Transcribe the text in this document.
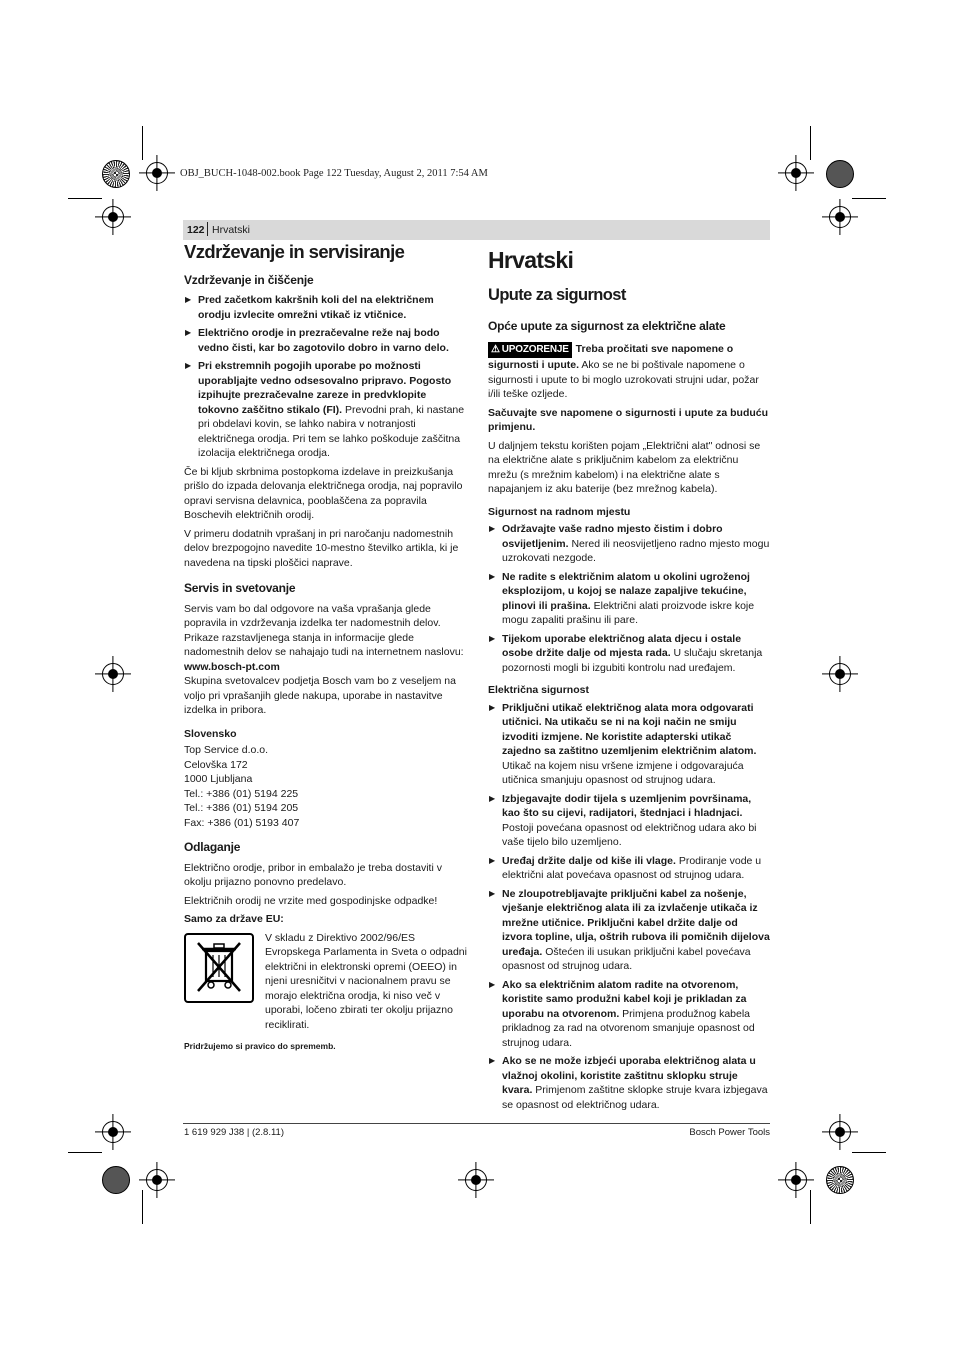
OBJ_BUCH-1048-002.book Page 122 Tuesday, August 2, 2011 7:54 AM
122 Hrvatski
Vzdrževanje in servisiranje
Vzdrževanje in čiščenje
▶ Pred začetkom kakršnih koli del na električnem orodju izvlecite omrežni vtikač iz vtičnice.
▶ Električno orodje in prezračevalne reže naj bodo vedno čisti, kar bo zagotovilo dobro in varno delo.
▶ Pri ekstremnih pogojih uporabe po možnosti uporabljajte vedno odsesovalno pripravo. Pogosto izpihujte prezračevalne zareze in predvklopite tokovno zaščitno stikalo (FI). Prevodni prah, ki nastane pri obdelavi kovin, se lahko nabira v notranjosti električnega orodja. Pri tem se lahko poškoduje zaščitna izolacija električnega orodja.

Če bi kljub skrbnima postopkoma izdelave in preizkušanja prišlo do izpada delovanja električnega orodja, naj popravilo opravi servisna delavnica, pooblaščena za popravila Boschevih električnih orodij.

V primeru dodatnih vprašanj in pri naročanju nadomestnih delov brezpogojno navedite 10-mestno številko artikla, ki je navedena na tipski ploščici naprave.

Servis in svetovanje

Servis vam bo dal odgovore na vaša vprašanja glede popravila in vzdrževanja izdelka ter nadomestnih delov. Prikaze razstavljenega stanja in informacije glede nadomestnih delov se nahajajo tudi na internetnem naslovu:

www.bosch-pt.com

Skupina svetovalcev podjetja Bosch vam bo z veseljem na voljo pri vprašanjih glede nakupa, uporabe in nastavitve izdelka in pribora.

Slovensko
Top Service d.o.o.
Celovška 172
1000 Ljubljana
Tel.: +386 (01) 5194 225
Tel.: +386 (01) 5194 205
Fax: +386 (01) 5193 407
Odlaganje

Električno orodje, pribor in embalažo je treba dostaviti v okolju prijazno ponovno predelavo.

Električnih orodij ne vrzite med gospodinjske odpadke!

Samo za države EU:
V skladu z Direktivo 2002/96/ES Evropskega Parlamenta in Sveta o odpadni električni in elektronski opremi (OEEO) in njeni uresničitvi v nacionalnem pravu se morajo električna orodja, ki niso več v uporabi, ločeno zbirati ter okolju prijazno reciklirati.
Pridržujemo si pravico do sprememb.
Hrvatski
Upute za sigurnost
Opće upute za sigurnost za električne alate

⚠ UPOZORENJE Treba pročitati sve napomene o sigurnosti i upute. Ako se ne bi poštivale napomene o sigurnosti i upute to bi moglo uzrokovati strujni udar, požar i/ili teške ozljede.

Sačuvajte sve napomene o sigurnosti i upute za buduću primjenu.

U daljnjem tekstu korišten pojam „Električni alat" odnosi se na električne alate s priključnim kabelom za električnu mrežu (s mrežnim kabelom) i na električne alate s napajanjem iz aku baterije (bez mrežnog kabela).

Sigurnost na radnom mjestu
▶ Održavajte vaše radno mjesto čistim i dobro osvijetljenim. Nered ili neosvijetljeno radno mjesto mogu uzrokovati nezgode.
▶ Ne radite s električnim alatom u okolini ugroženoj eksplozijom, u kojoj se nalaze zapaljive tekućine, plinovi ili prašina. Električni alati proizvode iskre koje mogu zapaliti prašinu ili pare.
▶ Tijekom uporabe električnog alata djecu i ostale osobe držite dalje od mjesta rada. U slučaju skretanja pozornosti mogli bi izgubiti kontrolu nad uređajem.
Električna sigurnost
▶ Priključni utikač električnog alata mora odgovarati utičnici. Na utikaču se ni na koji način ne smiju izvoditi izmjene. Ne koristite adapterski utikač zajedno sa zaštitno uzemljenim električnim alatom. Utikač na kojem nisu vršene izmjene i odgovarajuća utičnica smanjuju opasnost od strujnog udara.
▶ Izbjegavajte dodir tijela s uzemljenim površinama, kao što su cijevi, radijatori, štednjaci i hladnjaci. Postoji povećana opasnost od električnog udara ako bi vaše tijelo bilo uzemljeno.
▶ Uređaj držite dalje od kiše ili vlage. Prodiranje vode u električni alat povećava opasnost od strujnog udara.
▶ Ne zloupotrebljavajte priključni kabel za nošenje, vješanje električnog alata ili za izvlačenje utikača iz mrežne utičnice. Priključni kabel držite dalje od izvora topline, ulja, oštrih rubova ili pomičnih dijelova uređaja. Oštećen ili usukan priključni kabel povećava opasnost od strujnog udara.
▶ Ako sa električnim alatom radite na otvorenom, koristite samo produžni kabel koji je prikladan za uporabu na otvorenom. Primjena produžnog kabela prikladnog za rad na otvorenom smanjuje opasnost od strujnog udara.
▶ Ako se ne može izbjeći uporaba električnog alata u vlažnoj okolini, koristite zaštitnu sklopku struje kvara. Primjenom zaštitne sklopke struje kvara izbjegava se opasnost od električnog udara.
1 619 929 J38 | (2.8.11)	Bosch Power Tools
